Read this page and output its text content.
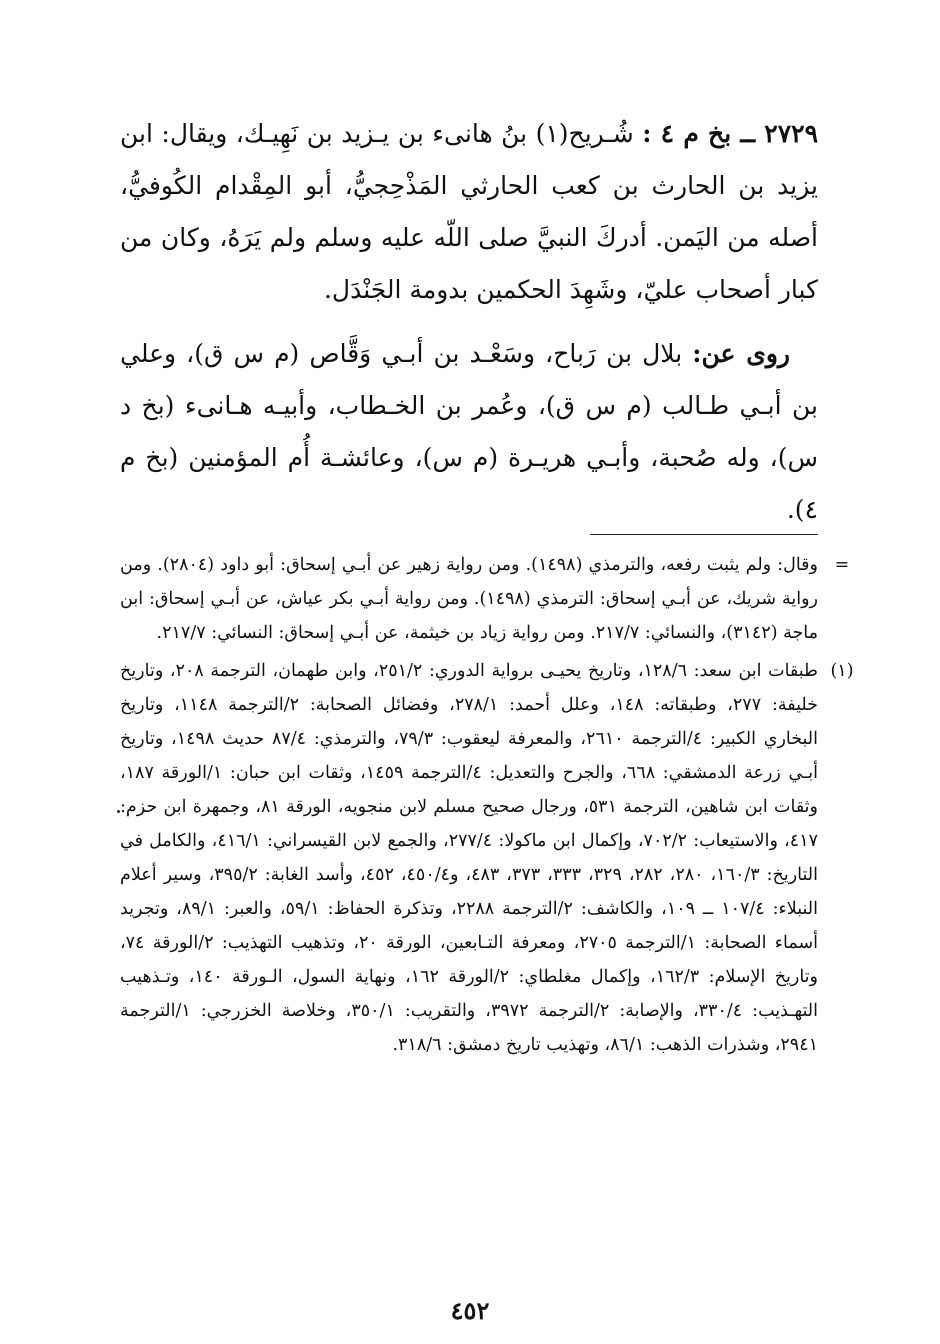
٢٧٢٩ ــ بخ م ٤ : شُـريح(١) بنُ هانىء بن يـزيد بن نَهِيـك، ويقال: ابن يزيد بن الحارث بن كعب الحارثي المَذْحِجيُّ، أبو المِقْدام الكُوفيُّ، أصله من اليَمن. أدركَ النبيَّ صلى اللّه عليه وسلم ولم يَرَهُ، وكان من كبار أصحاب عليّ، وشَهِدَ الحكمين بدومة الجَنْدَل.

روى عن: بلال بن رَباح، وسَعْـد بن أبـي وَقَّاص (م س ق)، وعلي بن أبـي طـالب (م س ق)، وعُمر بن الخـطاب، وأبيـه هـانىء (بخ د س)، وله صُحبة، وأبـي هريـرة (م س)، وعائشـة أُم المؤمنين (بخ م ٤).

=
وقال: ولم يثبت رفعه، والترمذي (١٤٩٨). ومن رواية زهير عن أبـي إسحاق: أبو داود (٢٨٠٤). ومن رواية شريك، عن أبـي إسحاق: الترمذي (١٤٩٨). ومن رواية أبـي بكر عياش، عن أبـي إسحاق: ابن ماجة (٣١٤٢)، والنسائي: ٢١٧/٧. ومن رواية زياد بن خيثمة، عن أبـي إسحاق: النسائي: ٢١٧/٧.

(١)
طبقات ابن سعد: ١٢٨/٦، وتاريخ يحيـى برواية الدوري: ٢٥١/٢، وابن طهمان، الترجمة ٢٠٨، وتاريخ خليفة: ٢٧٧، وطبقاته: ١٤٨، وعلل أحمد: ٢٧٨/١، وفضائل الصحابة: ٢/الترجمة ١١٤٨، وتاريخ البخاري الكبير: ٤/الترجمة ٢٦١٠، والمعرفة ليعقوب: ٧٩/٣، والترمذي: ٨٧/٤ حديث ١٤٩٨، وتاريخ أبـي زرعة الدمشقي: ٦٦٨، والجرح والتعديل: ٤/الترجمة ١٤٥٩، وثقات ابن حبان: ١/الورقة ١٨٧، وثقات ابن شاهين، الترجمة ٥٣١، ورجال صحيح مسلم لابن منجويه، الورقة ٨١، وجمهرة ابن حزم: ٤١٧، والاستيعاب: ٧٠٢/٢، وإكمال ابن ماكولا: ٢٧٧/٤، والجمع لابن القيسراني: ٤١٦/١، والكامل في التاريخ: ١٦٠/٣، ٢٨٠، ٢٨٢، ٣٢٩، ٣٣٣، ٣٧٣، ٤٨٣، و٤٥٠/٤، ٤٥٢، وأسد الغابة: ٣٩٥/٢، وسير أعلام النبلاء: ١٠٧/٤ ــ ١٠٩، والكاشف: ٢/الترجمة ٢٢٨٨، وتذكرة الحفاظ: ٥٩/١، والعبر: ٨٩/١، وتجريد أسماء الصحابة: ١/الترجمة ٢٧٠٥، ومعرفة التـابعين، الورقة ٢٠، وتذهيب التهذيب: ٢/الورقة ٧٤، وتاريخ الإسلام: ١٦٢/٣، وإكمال مغلطاي: ٢/الورقة ١٦٢، ونهاية السول، الـورقة ١٤٠، وتـذهيب التهـذيب: ٣٣٠/٤، والإصابة: ٢/الترجمة ٣٩٧٢، والتقريب: ٣٥٠/١، وخلاصة الخزرجي: ١/الترجمة ٢٩٤١، وشذرات الذهب: ٨٦/١، وتهذيب تاريخ دمشق: ٣١٨/٦.

٤٥٢
